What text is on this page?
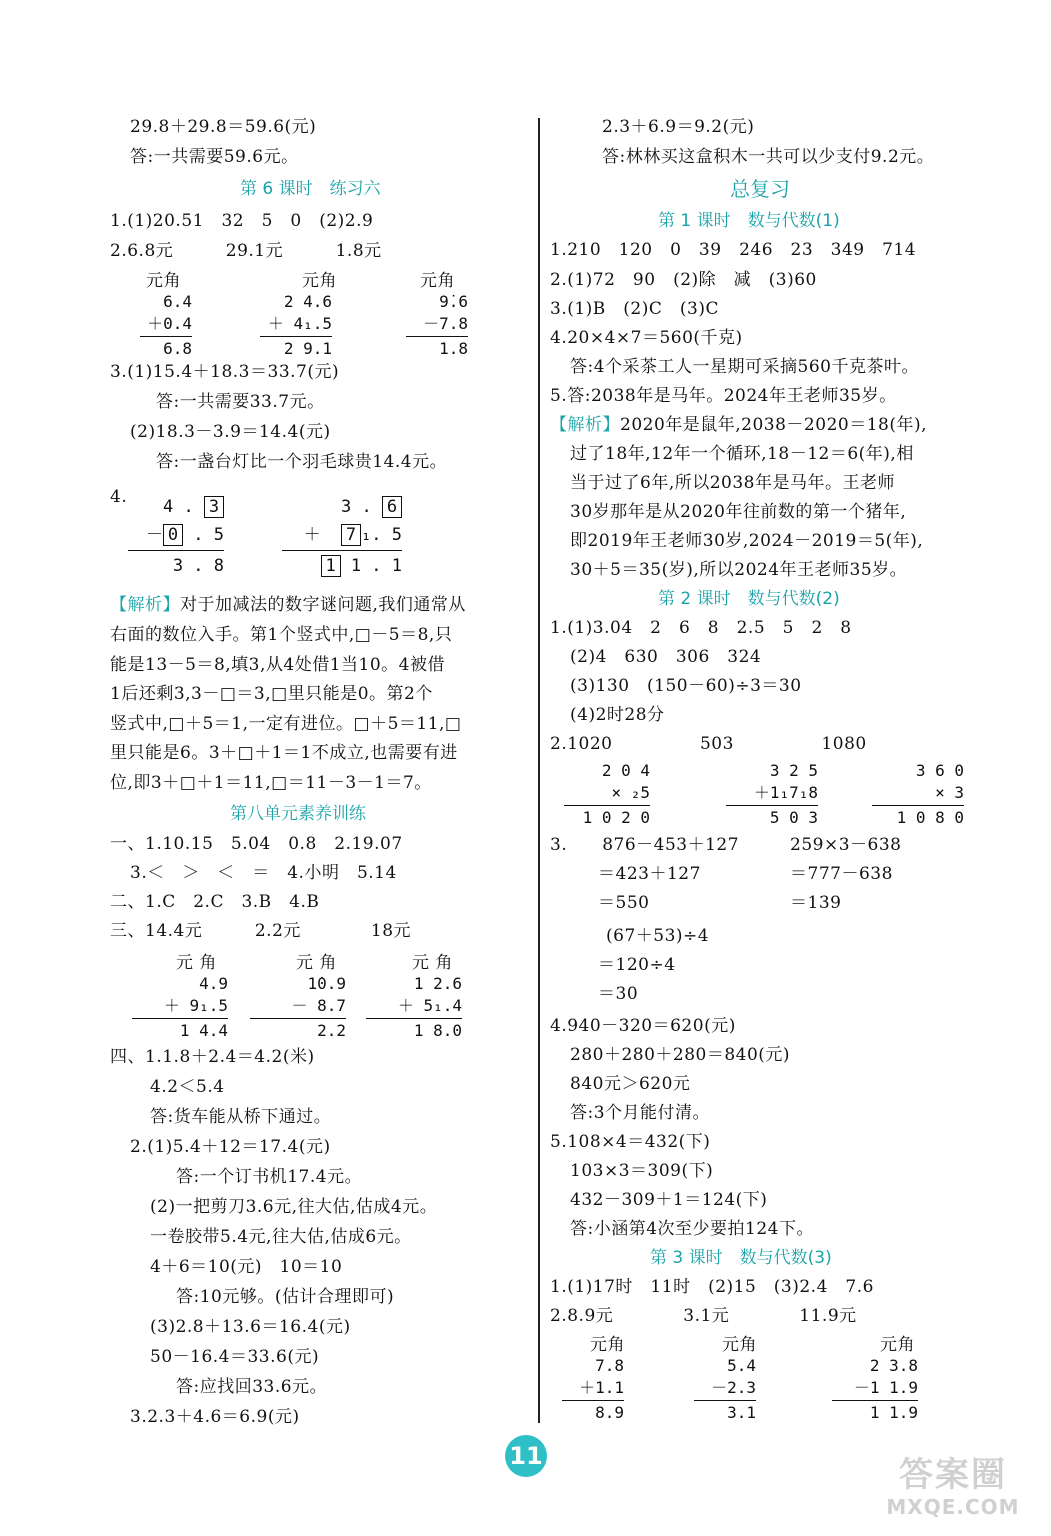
29.8＋29.8＝59.6(元)
答:一共需要59.6元。
第 6 课时　练习六
1.(1)20.51　32　5　0　(2)2.9
2.6.8元　　　29.1元　　　1.8元
元角	元角	元角
6.4
＋0.4
6.8
2 4.6
＋ 4₁.5
2 9.1
9̇.6
－7.8
1.8
3.(1)15.4＋18.3＝33.7(元)
答:一共需要33.7元。
(2)18.3－3.9＝14.4(元)
答:一盏台灯比一个羽毛球贵14.4元。
4.	4 . 3
－ 0 . 5
3 . 8
3 . 6
＋ 7 ₁. 5
1 1 . 1
【解析】对于加减法的数字谜问题,我们通常从
右面的数位入手。第1个竖式中,□－5＝8,只
能是13－5＝8,填3,从4处借1当10。4被借
1后还剩3,3－□＝3,□里只能是0。第2个
竖式中,□＋5＝1,一定有进位。□＋5＝11,□
里只能是6。3＋□＋1＝1不成立,也需要有进
位,即3＋□＋1＝11,□＝11－3－1＝7。
第八单元素养训练
一、1.10.15　5.04　0.8　2.19.07
3.＜　＞　＜　＝　4.小明　5.14
二、1.C　2.C　3.B　4.B
三、14.4元　　　2.2元　　　　18元
元 角	元 角	元 角
4.9
＋ 9₁.5
1 4.4
1̇0.9
－ 8.7
2.2
1 2.6
＋ 5₁.4
1 8.0
四、1.1.8＋2.4＝4.2(米)
4.2＜5.4
答:货车能从桥下通过。
2.(1)5.4＋12＝17.4(元)
答:一个订书机17.4元。
(2)一把剪刀3.6元,往大估,估成4元。
一卷胶带5.4元,往大估,估成6元。
4＋6＝10(元)　10＝10
答:10元够。(估计合理即可)
(3)2.8＋13.6＝16.4(元)
50－16.4＝33.6(元)
答:应找回33.6元。
3.2.3＋4.6＝6.9(元)
2.3＋6.9＝9.2(元)
答:林林买这盒积木一共可以少支付9.2元。
总复习
第 1 课时　数与代数(1)
1.210　120　0　39　246　23　349　714
2.(1)72　90　(2)除　减　(3)60
3.(1)B　(2)C　(3)C
4.20×4×7＝560(千克)
答:4个采茶工人一星期可采摘560千克茶叶。
5.答:2038年是马年。2024年王老师35岁。
【解析】2020年是鼠年,2038－2020＝18(年),
过了18年,12年一个循环,18－12＝6(年),相
当于过了6年,所以2038年是马年。王老师
30岁那年是从2020年往前数的第一个猪年,
即2019年王老师30岁,2024－2019＝5(年),
30＋5＝35(岁),所以2024年王老师35岁。
第 2 课时　数与代数(2)
1.(1)3.04　2　6　8　2.5　5　2　8
(2)4　630　306　324
(3)130　(150－60)÷3＝30
(4)2时28分
2.1020　　　　　503　　　　　1080
2 0 4
× ₂5
1 0 2 0
3 2 5
＋1₁7₁8
5 0 3
3 6 0
× 3
1 0 8 0
3.　　876－453＋127	259×3－638
＝423＋127	＝777－638
＝550	＝139
(67＋53)÷4
＝120÷4
＝30
4.940－320＝620(元)
280＋280＋280＝840(元)
840元＞620元
答:3个月能付清。
5.108×4＝432(下)
103×3＝309(下)
432－309＋1＝124(下)
答:小涵第4次至少要拍124下。
第 3 课时　数与代数(3)
1.(1)17时　11时　(2)15　(3)2.4　7.6
2.8.9元　　　　3.1元　　　　11.9元
元角	元角	元角
7.8
＋1.1
8.9
5.4
－2.3
3.1
2 3.8
－1 1.9
1 1.9
11	答案圈
MXQE.COM
